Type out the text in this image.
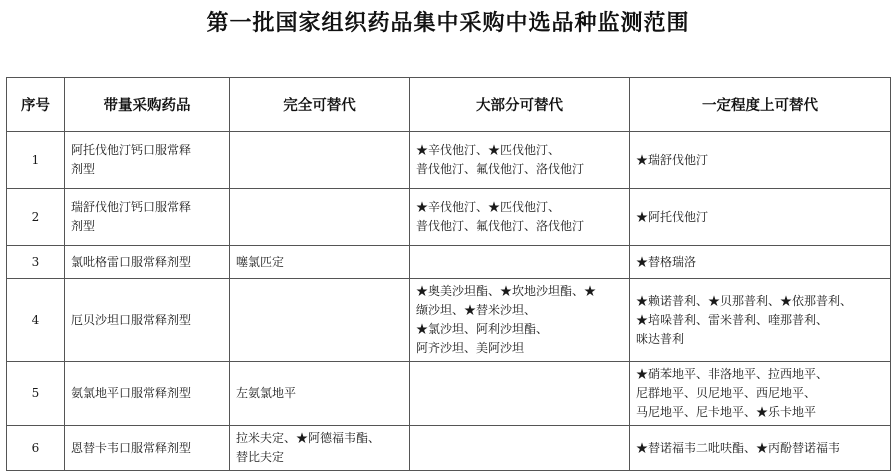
第一批国家组织药品集中采购中选品种监测范围
序号	带量采购药品	完全可替代	大部分可替代	一定程度上可替代
1	阿托伐他汀钙口服常释
剂型		★辛伐他汀、★匹伐他汀、
普伐他汀、氟伐他汀、洛伐他汀	★瑞舒伐他汀

2	瑞舒伐他汀钙口服常释
剂型		★辛伐他汀、★匹伐他汀、
普伐他汀、氟伐他汀、洛伐他汀	★阿托伐他汀

3	氯吡格雷口服常释剂型	噻氯匹定		★替格瑞洛

4	厄贝沙坦口服常释剂型		★奥美沙坦酯、★坎地沙坦酯、★
缬沙坦、★替米沙坦、
★氯沙坦、阿利沙坦酯、
阿齐沙坦、美阿沙坦	★赖诺普利、★贝那普利、★依那普利、
★培哚普利、雷米普利、喹那普利、
咪达普利

5	氨氯地平口服常释剂型	左氨氯地平		★硝苯地平、非洛地平、拉西地平、
尼群地平、贝尼地平、西尼地平、
马尼地平、尼卡地平、★乐卡地平

6	恩替卡韦口服常释剂型	拉米夫定、★阿德福韦酯、
替比夫定		★替诺福韦二吡呋酯、★丙酚替诺福韦
